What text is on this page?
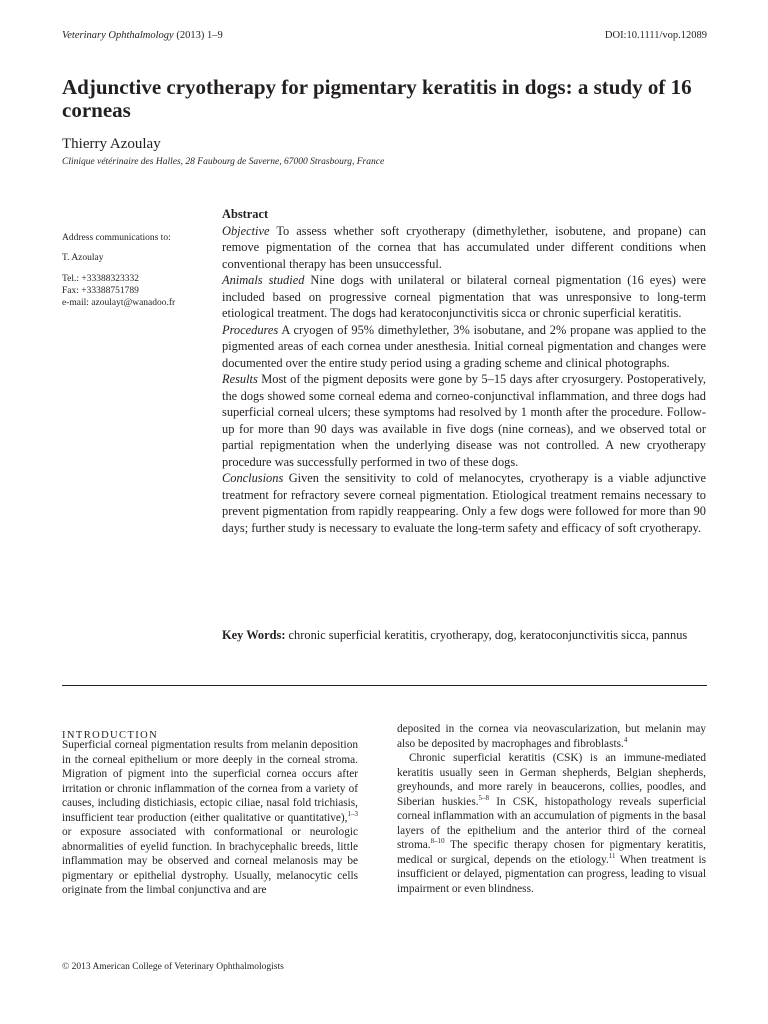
Veterinary Ophthalmology (2013) 1–9	DOI:10.1111/vop.12089
Adjunctive cryotherapy for pigmentary keratitis in dogs: a study of 16 corneas
Thierry Azoulay
Clinique vétérinaire des Halles, 28 Faubourg de Saverne, 67000 Strasbourg, France
Address communications to:
T. Azoulay
Tel.: +33388323332
Fax: +33388751789
e-mail: azoulayt@wanadoo.fr
Abstract

Objective To assess whether soft cryotherapy (dimethylether, isobutene, and propane) can remove pigmentation of the cornea that has accumulated under different conditions when conventional therapy has been unsuccessful.

Animals studied Nine dogs with unilateral or bilateral corneal pigmentation (16 eyes) were included based on progressive corneal pigmentation that was unresponsive to long-term etiological treatment. The dogs had keratoconjunctivitis sicca or chronic superficial keratitis.

Procedures A cryogen of 95% dimethylether, 3% isobutane, and 2% propane was applied to the pigmented areas of each cornea under anesthesia. Initial corneal pigmentation and changes were documented over the entire study period using a grading scheme and clinical photographs.

Results Most of the pigment deposits were gone by 5–15 days after cryosurgery. Postoperatively, the dogs showed some corneal edema and corneo-conjunctival inflammation, and three dogs had superficial corneal ulcers; these symptoms had resolved by 1 month after the procedure. Follow-up for more than 90 days was available in five dogs (nine corneas), and we observed total or partial repigmentation when the underlying disease was not controlled. A new cryotherapy procedure was successfully performed in two of these dogs.

Conclusions Given the sensitivity to cold of melanocytes, cryotherapy is a viable adjunctive treatment for refractory severe corneal pigmentation. Etiological treatment remains necessary to prevent pigmentation from rapidly reappearing. Only a few dogs were followed for more than 90 days; further study is necessary to evaluate the long-term safety and efficacy of soft cryotherapy.

Key Words: chronic superficial keratitis, cryotherapy, dog, keratoconjunctivitis sicca, pannus

INTRODUCTION

Superficial corneal pigmentation results from melanin deposition in the corneal epithelium or more deeply in the corneal stroma. Migration of pigment into the superficial cornea occurs after irritation or chronic inflammation of the cornea from a variety of causes, including distichiasis, ectopic ciliae, nasal fold trichiasis, insufficient tear production (either qualitative or quantitative),$^{1-3}$ or exposure associated with conformational or neurologic abnormalities of eyelid function. In brachycephalic breeds, little inflammation may be observed and corneal melanosis may be pigmentary or epithelial dystrophy. Usually, melanocytic cells originate from the limbal conjunctiva and are

deposited in the cornea via neovascularization, but melanin may also be deposited by macrophages and fibroblasts.$^4$

Chronic superficial keratitis (CSK) is an immune-mediated keratitis usually seen in German shepherds, Belgian shepherds, greyhounds, and more rarely in beaucerons, collies, poodles, and Siberian huskies.$^{5-8}$ In CSK, histopathology reveals superficial corneal inflammation with an accumulation of pigments in the basal layers of the epithelium and the anterior third of the corneal stroma.$^{8-10}$ The specific therapy chosen for pigmentary keratitis, medical or surgical, depends on the etiology.$^{11}$ When treatment is insufficient or delayed, pigmentation can progress, leading to visual impairment or even blindness.

© 2013 American College of Veterinary Ophthalmologists
